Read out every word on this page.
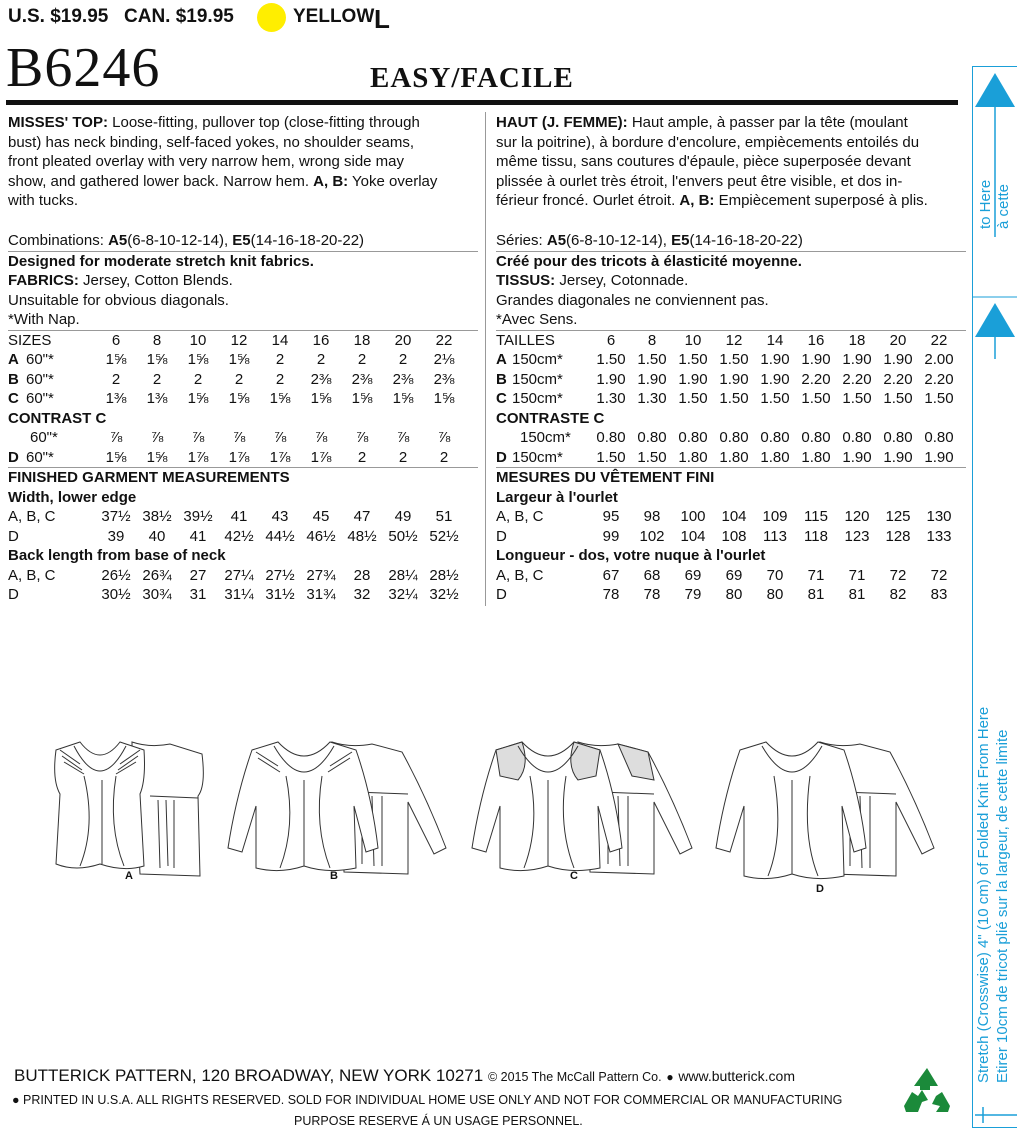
U.S. $19.95 CAN. $19.95	YELLOW L
B6246	EASY/FACILE
MISSES' TOP: Loose-fitting, pullover top (close-fitting through
bust) has neck binding, self-faced yokes, no shoulder seams,
front pleated overlay with very narrow hem, wrong side may
show, and gathered lower back. Narrow hem. A, B: Yoke overlay
with tucks.
Combinations: A5(6-8-10-12-14), E5(14-16-18-20-22)
Designed for moderate stretch knit fabrics.
FABRICS: Jersey, Cotton Blends.
Unsuitable for obvious diagonals.
*With Nap.
SIZES	6	8	10	12	14	16	18	20	22
A 60"*	1⅝	1⅝	1⅝	1⅝	2	2	2	2	2⅛
B 60"*	2	2	2	2	2	2⅜	2⅜	2⅜	2⅜
C 60"*	1⅜	1⅜	1⅝	1⅝	1⅝	1⅝	1⅝	1⅝	1⅝
CONTRAST C
60"*	⅞	⅞	⅞	⅞	⅞	⅞	⅞	⅞	⅞
D 60"*	1⅝	1⅝	1⅞	1⅞	1⅞	1⅞	2	2	2
FINISHED GARMENT MEASUREMENTS
Width, lower edge
A, B, C	37½ 38½ 39½	41	43	45	47	49	51
D	39	40	41	42½ 44½ 46½ 48½ 50½ 52½
Back length from base of neck
A, B, C	26½ 26¾	27	27¼ 27½ 27¾	28	28¼ 28½
D	30½ 30¾	31	31¼ 31½ 31¾	32	32¼ 32½
HAUT (J. FEMME): Haut ample, à passer par la tête (moulant
sur la poitrine), à bordure d'encolure, empiècements entoilés du
même tissu, sans coutures d'épaule, pièce superposée devant
plissée à ourlet très étroit, l'envers peut être visible, et dos in-
férieur froncé. Ourlet étroit. A, B: Empiècement superposé à plis.
Séries: A5(6-8-10-12-14), E5(14-16-18-20-22)
Créé pour des tricots à élasticité moyenne.
TISSUS: Jersey, Cotonnade.
Grandes diagonales ne conviennent pas.
*Avec Sens.
TAILLES	6	8	10	12	14	16	18	20	22
A 150cm*	1.50 1.50 1.50 1.50 1.90 1.90 1.90 1.90 2.00
B 150cm*	1.90 1.90 1.90 1.90 1.90 2.20 2.20 2.20 2.20
C 150cm*	1.30 1.30 1.50 1.50 1.50 1.50 1.50 1.50 1.50
CONTRASTE C
150cm*	0.80 0.80 0.80 0.80 0.80 0.80 0.80 0.80 0.80
D 150cm*	1.50 1.50 1.80 1.80 1.80 1.80 1.90 1.90 1.90
MESURES DU VÊTEMENT FINI
Largeur à l'ourlet
A, B, C	95	98	100	104	109	115	120	125	130
D	99	102	104	108	113	118	123	128	133
Longueur - dos, votre nuque à l'ourlet
A, B, C	67	68	69	69	70	71	71	72	72
D	78	78	79	80	80	81	81	82	83
A	B	C
D
to Here à cette
Stretch (Crosswise) 4" (10 cm) of Folded Knit From Here Etirer 10cm de tricot plié sur la largeur, de cette limite
BUTTERICK PATTERN, 120 BROADWAY, NEW YORK 10271 © 2015 The McCall Pattern Co. ● www.butterick.com
● PRINTED IN U.S.A. ALL RIGHTS RESERVED. SOLD FOR INDIVIDUAL HOME USE ONLY AND NOT FOR COMMERCIAL OR MANUFACTURING
PURPOSE RESERVE Á UN USAGE PERSONNEL.
